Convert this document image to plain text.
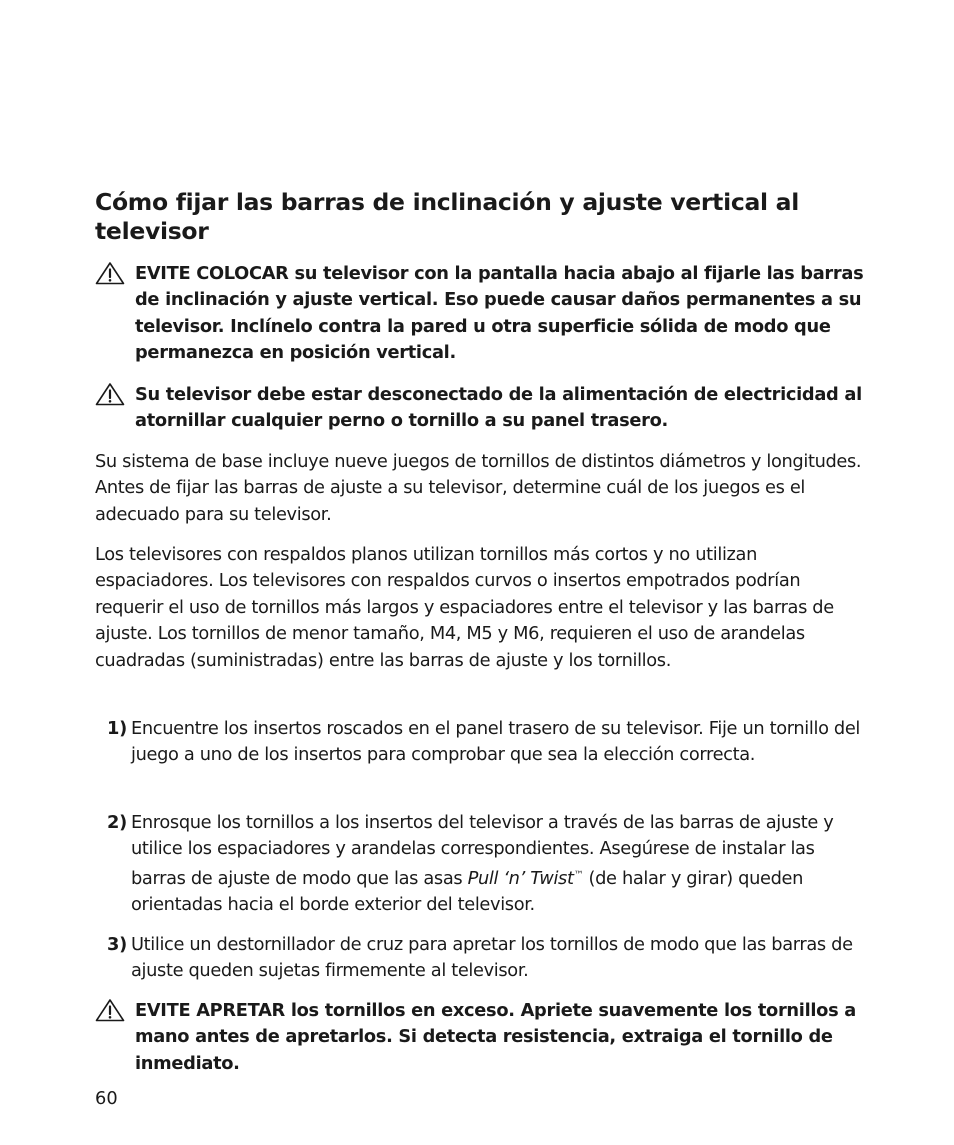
Cómo fijar las barras de inclinación y ajuste vertical al televisor
EVITE COLOCAR su televisor con la pantalla hacia abajo al fijarle las barras de inclinación y ajuste vertical. Eso puede causar daños permanentes a su televisor. Inclínelo contra la pared u otra superficie sólida de modo que permanezca en posición vertical.
Su televisor debe estar desconectado de la alimentación de electricidad al atornillar cualquier perno o tornillo a su panel trasero.

Su sistema de base incluye nueve juegos de tornillos de distintos diámetros y longitudes. Antes de fijar las barras de ajuste a su televisor, determine cuál de los juegos es el adecuado para su televisor.

Los televisores con respaldos planos utilizan tornillos más cortos y no utilizan espaciadores. Los televisores con respaldos curvos o insertos empotrados podrían requerir el uso de tornillos más largos y espaciadores entre el televisor y las barras de ajuste. Los tornillos de menor tamaño, M4, M5 y M6, requieren el uso de arandelas cuadradas (suministradas) entre las barras de ajuste y los tornillos.

1) Encuentre los insertos roscados en el panel trasero de su televisor. Fije un tornillo del juego a uno de los insertos para comprobar que sea la elección correcta.
2) Enrosque los tornillos a los insertos del televisor a través de las barras de ajuste y utilice los espaciadores y arandelas correspondientes. Asegúrese de instalar las barras de ajuste de modo que las asas Pull ‘n’ Twist™ (de halar y girar) queden orientadas hacia el borde exterior del televisor.
3) Utilice un destornillador de cruz para apretar los tornillos de modo que las barras de ajuste queden sujetas firmemente al televisor.
EVITE APRETAR los tornillos en exceso. Apriete suavemente los tornillos a mano antes de apretarlos. Si detecta resistencia, extraiga el tornillo de inmediato.
60
